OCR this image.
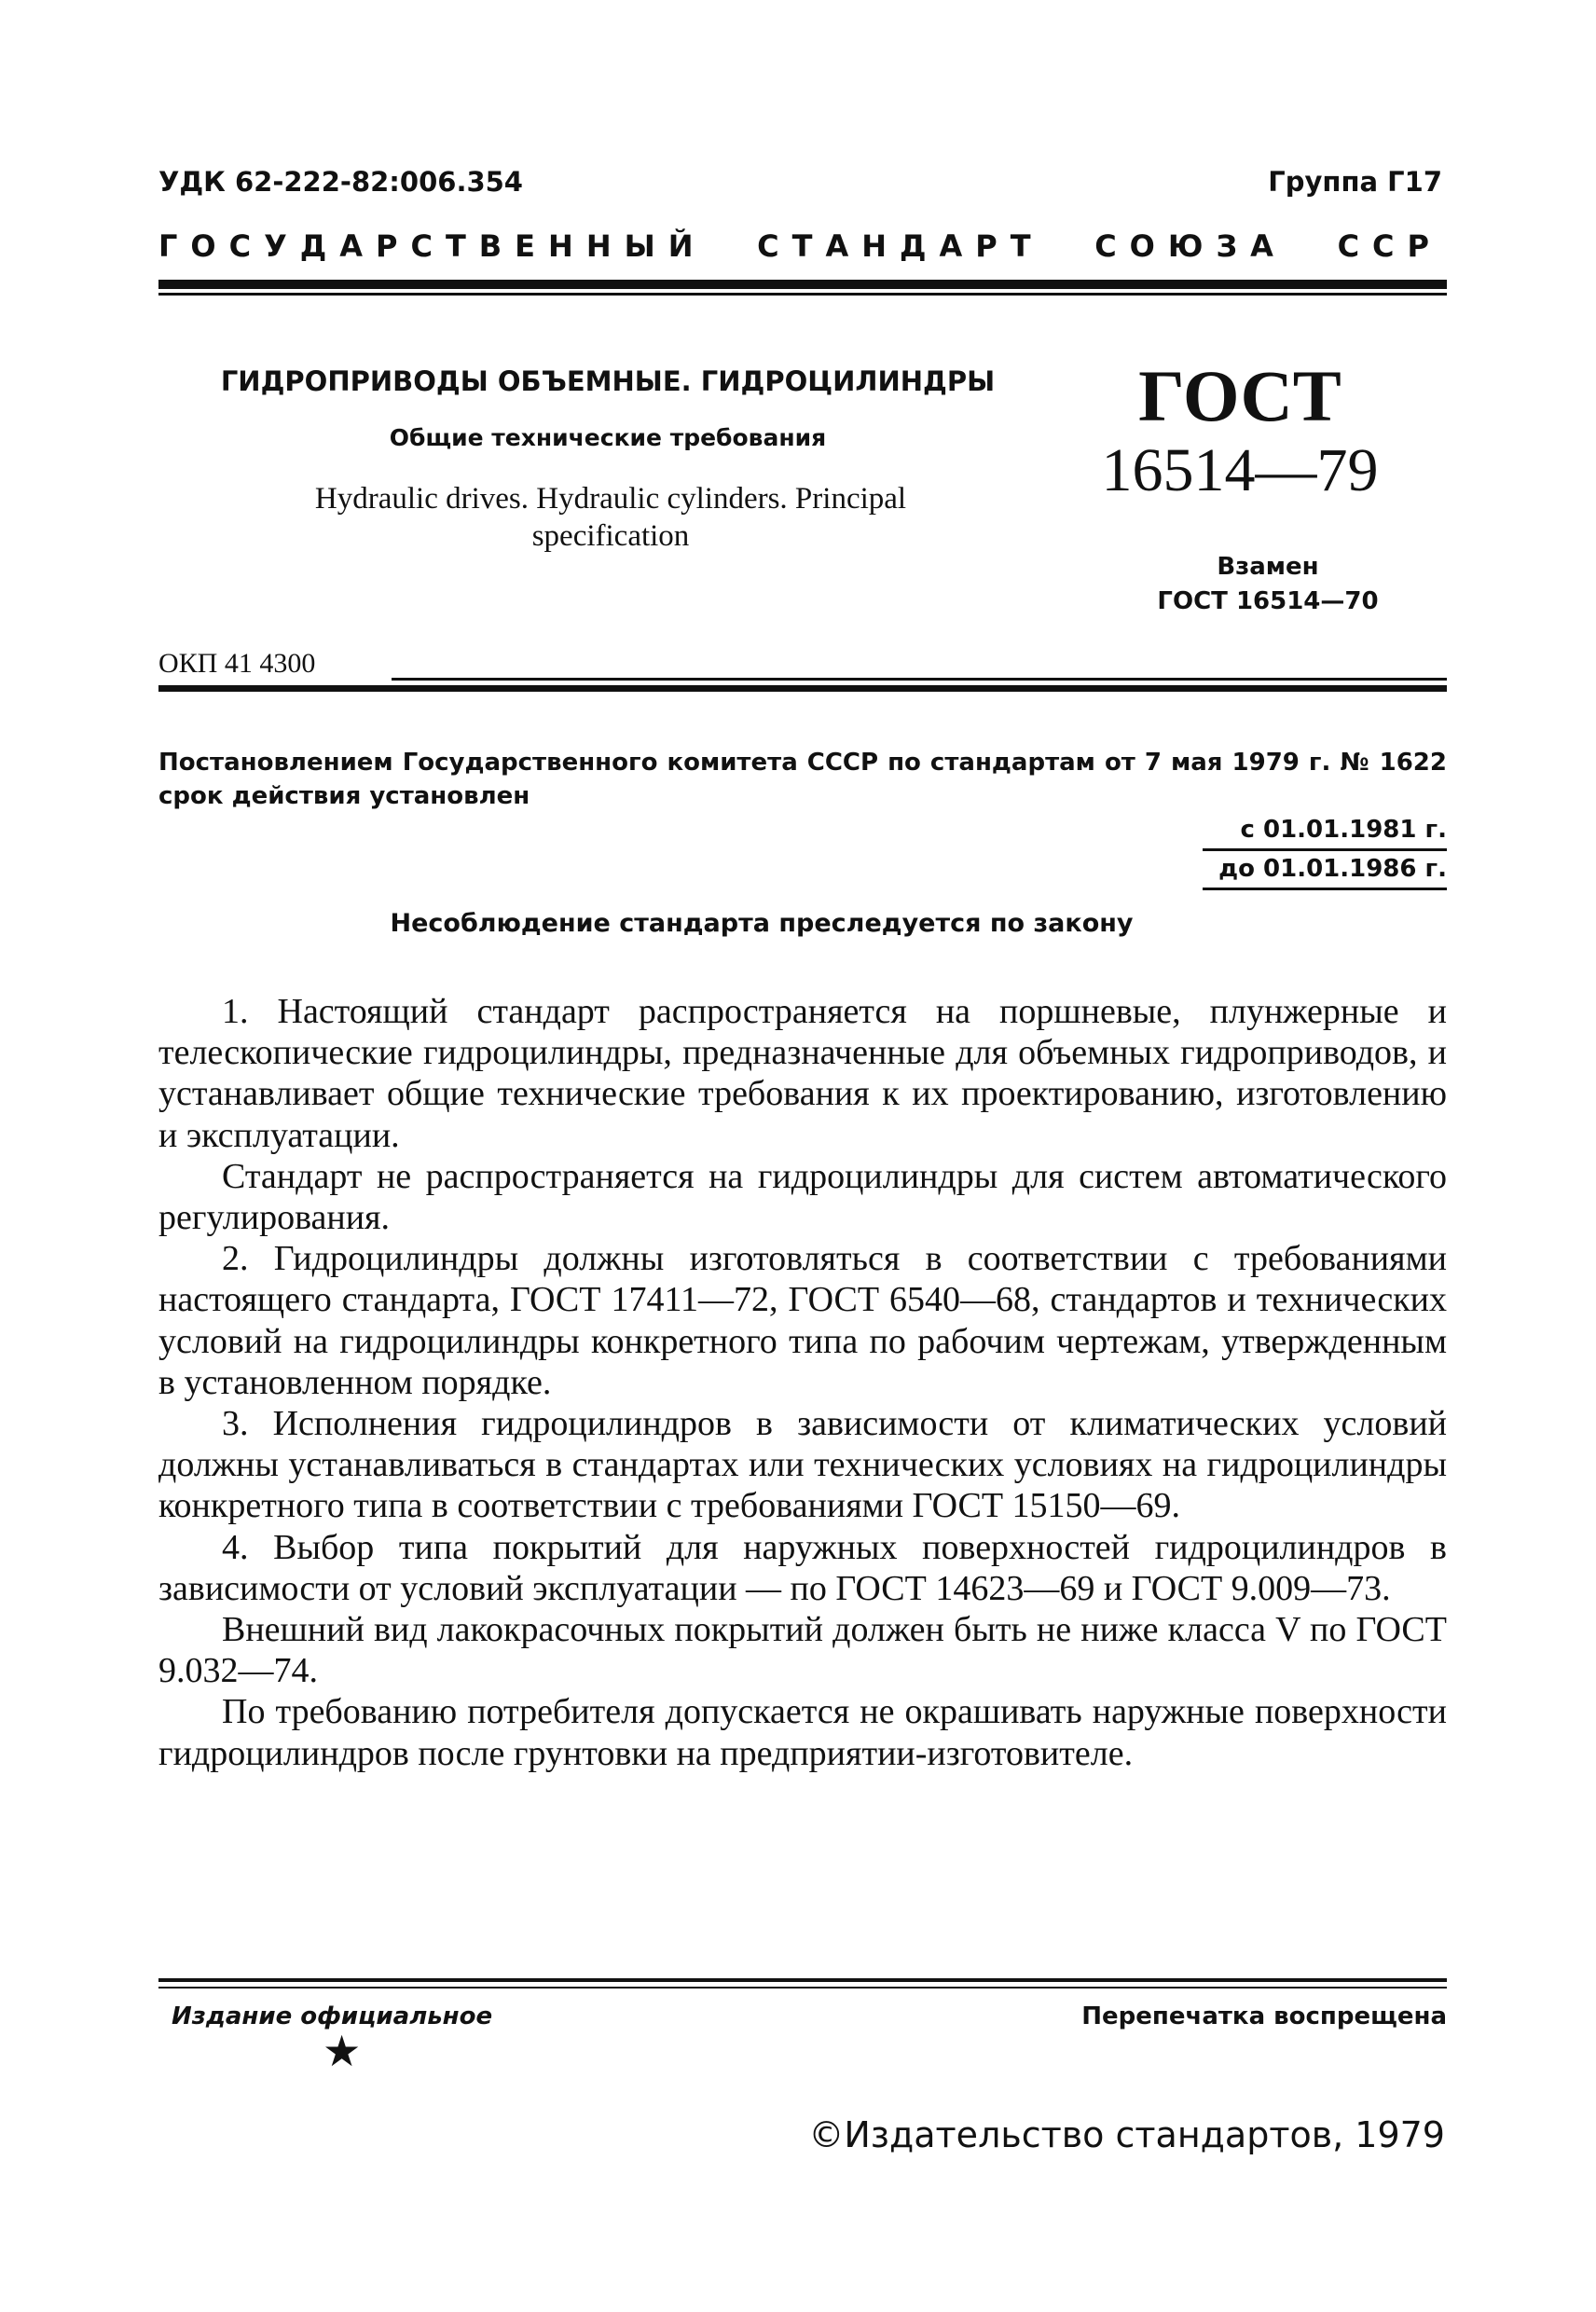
УДК 62-222-82:006.354	Группа Г17
ГОСУДАРСТВЕННЫЙ СТАНДАРТ СОЮЗА ССР
ГИДРОПРИВОДЫ ОБЪЕМНЫЕ. ГИДРОЦИЛИНДРЫ
Общие технические требования
Hydraulic drives. Hydraulic cylinders. Principal
specification
ГОСТ
16514—79
Взамен
ГОСТ 16514—70
ОКП 41 4300
Постановлением Государственного комитета СССР по стандартам от 7 мая 1979 г. № 1622 срок действия установлен
с 01.01.1981 г.
до 01.01.1986 г.
Несоблюдение стандарта преследуется по закону

1. Настоящий стандарт распространяется на поршневые, плунжерные и телескопические гидроцилиндры, предназначенные для объемных гидроприводов, и устанавливает общие технические требования к их проектированию, изготовлению и эксплуатации.

Стандарт не распространяется на гидроцилиндры для систем автоматического регулирования.

2. Гидроцилиндры должны изготовляться в соответствии с требованиями настоящего стандарта, ГОСТ 17411—72, ГОСТ 6540—68, стандартов и технических условий на гидроцилиндры конкретного типа по рабочим чертежам, утвержденным в установленном порядке.

3. Исполнения гидроцилиндров в зависимости от климатических условий должны устанавливаться в стандартах или технических условиях на гидроцилиндры конкретного типа в соответствии с требованиями ГОСТ 15150—69.

4. Выбор типа покрытий для наружных поверхностей гидроцилиндров в зависимости от условий эксплуатации — по ГОСТ 14623—69 и ГОСТ 9.009—73.

Внешний вид лакокрасочных покрытий должен быть не ниже класса V по ГОСТ 9.032—74.

По требованию потребителя допускается не окрашивать наружные поверхности гидроцилиндров после грунтовки на предприятии-изготовителе.

Издание официальное	Перепечатка воспрещена
★
©Издательство стандартов, 1979
